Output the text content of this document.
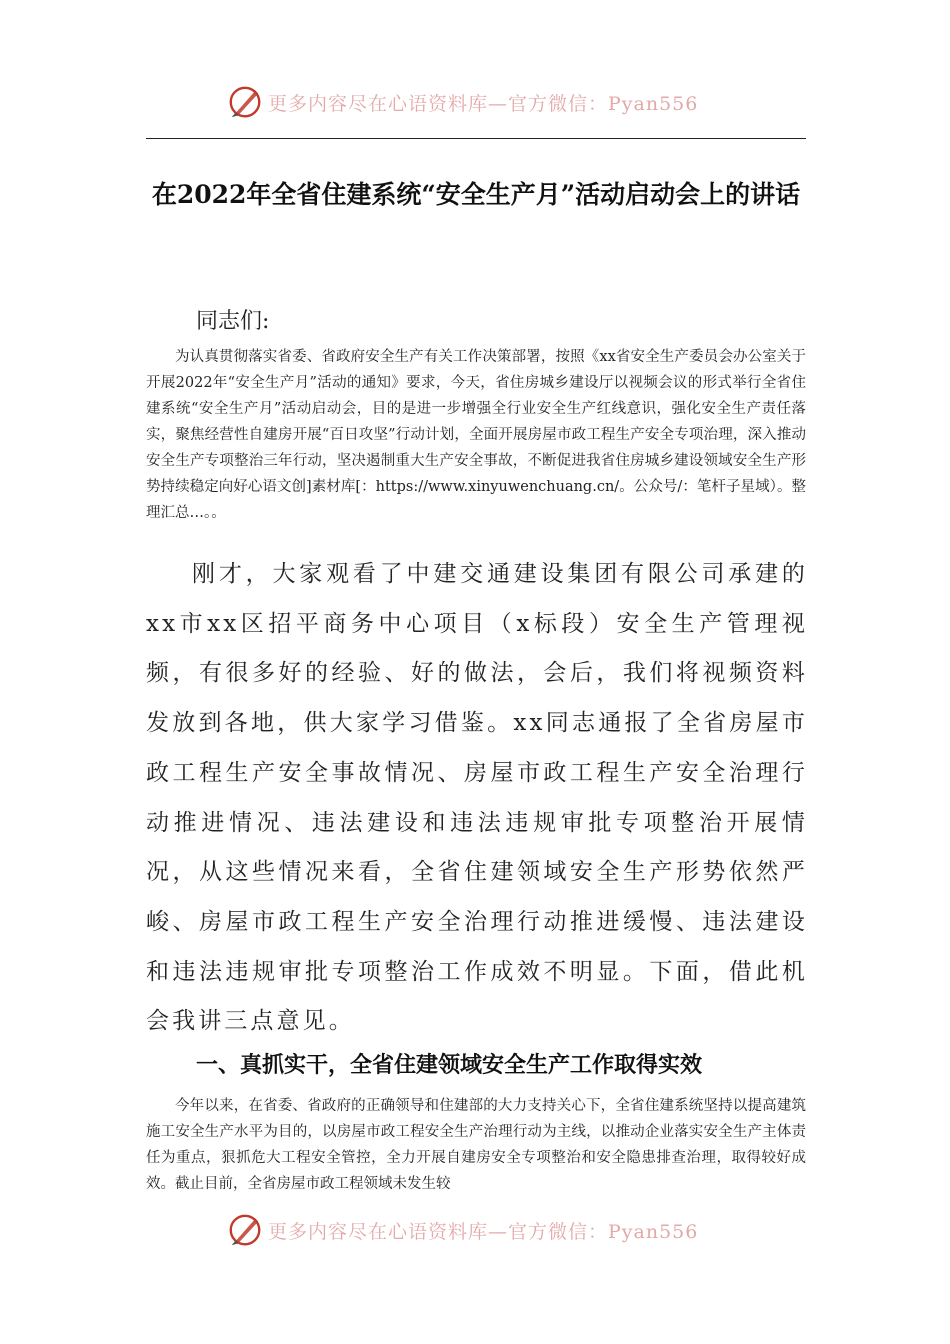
更多内容尽在心语资料库—官方微信：Pyan556
在2022年全省住建系统“安全生产月”活动启动会上的讲话
同志们:
为认真贯彻落实省委、省政府安全生产有关工作决策部署，按照《xx省安全生产委员会办公室关于开展2022年“安全生产月”活动的通知》要求，今天，省住房城乡建设厅以视频会议的形式举行全省住建系统“安全生产月”活动启动会，目的是进一步增强全行业安全生产红线意识，强化安全生产责任落实，聚焦经营性自建房开展“百日攻坚”行动计划，全面开展房屋市政工程生产安全专项治理，深入推动安全生产专项整治三年行动，坚决遏制重大生产安全事故，不断促进我省住房城乡建设领域安全生产形势持续稳定向好心语文创]素材库[：https://www.xinyuwenchuang.cn/。公众号/：笔杆子星域）。整理汇总…。。
刚才，大家观看了中建交通建设集团有限公司承建的xx市xx区招平商务中心项目（x标段）安全生产管理视频，有很多好的经验、好的做法，会后，我们将视频资料发放到各地，供大家学习借鉴。xx同志通报了全省房屋市政工程生产安全事故情况、房屋市政工程生产安全治理行动推进情况、违法建设和违法违规审批专项整治开展情况，从这些情况来看，全省住建领域安全生产形势依然严峻、房屋市政工程生产安全治理行动推进缓慢、违法建设和违法违规审批专项整治工作成效不明显。下面，借此机会我讲三点意见。
一、真抓实干，全省住建领域安全生产工作取得实效
今年以来，在省委、省政府的正确领导和住建部的大力支持关心下，全省住建系统坚持以提高建筑施工安全生产水平为目的，以房屋市政工程安全生产治理行动为主线，以推动企业落实安全生产主体责任为重点，狠抓危大工程安全管控，全力开展自建房安全专项整治和安全隐患排查治理，取得较好成效。截止目前，全省房屋市政工程领域未发生较
更多内容尽在心语资料库—官方微信：Pyan556
